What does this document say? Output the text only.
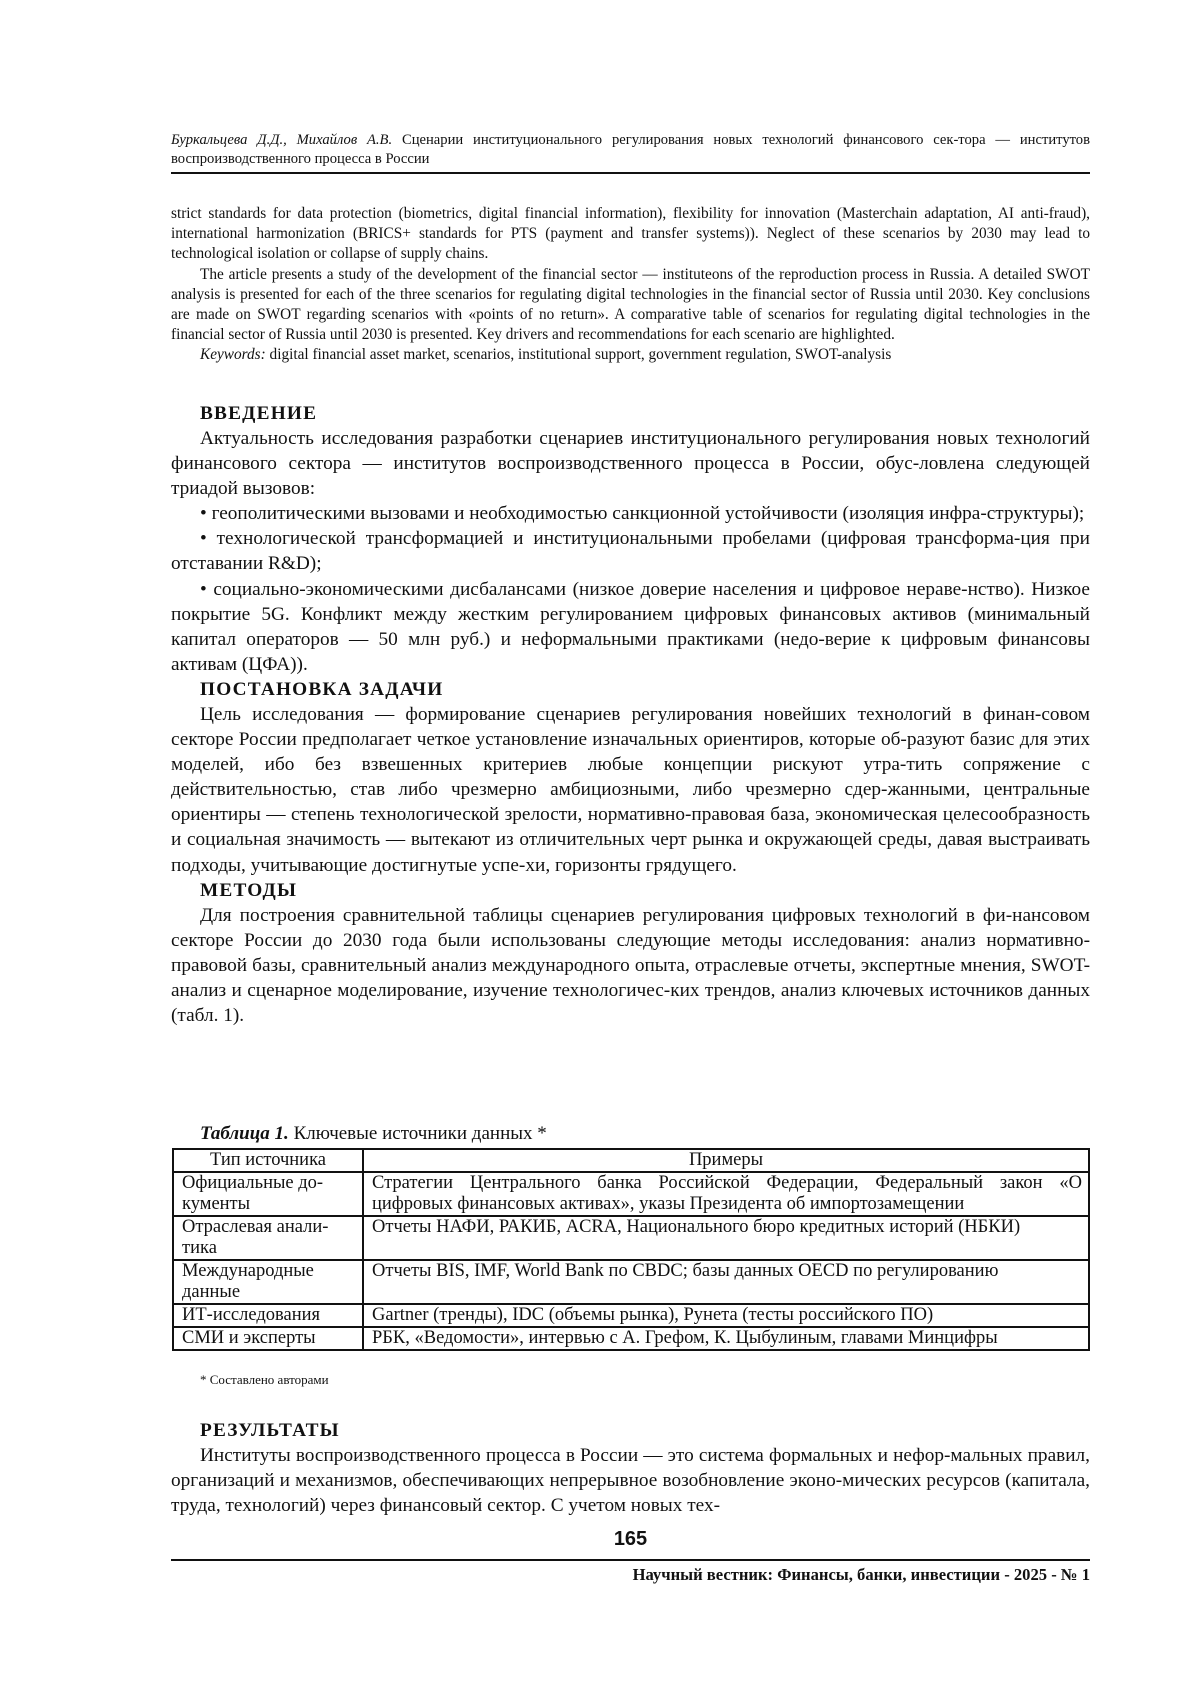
Буркальцева Д.Д., Михайлов А.В. Сценарии институционального регулирования новых технологий финансового сек-тора — институтов воспроизводственного процесса в России

strict standards for data protection (biometrics, digital financial information), flexibility for innovation (Masterchain adaptation, AI anti-fraud), international harmonization (BRICS+ standards for PTS (payment and transfer systems)). Neglect of these scenarios by 2030 may lead to technological isolation or collapse of supply chains.

The article presents a study of the development of the financial sector — instituteons of the reproduction process in Russia. A detailed SWOT analysis is presented for each of the three scenarios for regulating digital technologies in the financial sector of Russia until 2030. Key conclusions are made on SWOT regarding scenarios with «points of no return». A comparative table of scenarios for regulating digital technologies in the financial sector of Russia until 2030 is presented. Key drivers and recommendations for each scenario are highlighted.

Keywords: digital financial asset market, scenarios, institutional support, government regulation, SWOT-analysis

ВВЕДЕНИЕ

Актуальность исследования разработки сценариев институционального регулирования новых технологий финансового сектора — институтов воспроизводственного процесса в России, обус-ловлена следующей триадой вызовов:

• геополитическими вызовами и необходимостью санкционной устойчивости (изоляция инфра-структуры);

• технологической трансформацией и институциональными пробелами (цифровая трансформа-ция при отставании R&D);

• социально-экономическими дисбалансами (низкое доверие населения и цифровое нераве-нство). Низкое покрытие 5G. Конфликт между жестким регулированием цифровых финансовых активов (минимальный капитал операторов — 50 млн руб.) и неформальными практиками (недо-верие к цифровым финансовы активам (ЦФА)).

ПОСТАНОВКА ЗАДАЧИ

Цель исследования — формирование сценариев регулирования новейших технологий в финан-совом секторе России предполагает четкое установление изначальных ориентиров, которые об-разуют базис для этих моделей, ибо без взвешенных критериев любые концепции рискуют утра-тить сопряжение с действительностью, став либо чрезмерно амбициозными, либо чрезмерно сдер-жанными, центральные ориентиры — степень технологической зрелости, нормативно-правовая база, экономическая целесообразность и социальная значимость — вытекают из отличительных черт рынка и окружающей среды, давая выстраивать подходы, учитывающие достигнутые успе-хи, горизонты грядущего.

МЕТОДЫ

Для построения сравнительной таблицы сценариев регулирования цифровых технологий в фи-нансовом секторе России до 2030 года были использованы следующие методы исследования: анализ нормативно-правовой базы, сравнительный анализ международного опыта, отраслевые отчеты, экспертные мнения, SWOT-анализ и сценарное моделирование, изучение технологичес-ких трендов, анализ ключевых источников данных (табл. 1).

Таблица 1. Ключевые источники данных *
Тип источника	Примеры
Официальные до-кументы	Стратегии Центрального банка Российской Федерации, Федеральный закон «О цифровых финансовых активах», указы Президента об импортозамещении
Отраслевая анали-тика	Отчеты НАФИ, РАКИБ, ACRA, Национального бюро кредитных историй (НБКИ)
Международные данные	Отчеты BIS, IMF, World Bank по CBDC; базы данных OECD по регулированию
ИТ-исследования	Gartner (тренды), IDC (объемы рынка), Рунета (тесты российского ПО)
СМИ и эксперты	РБК, «Ведомости», интервью с А. Грефом, К. Цыбулиным, главами Минцифры
* Составлено авторами

РЕЗУЛЬТАТЫ

Институты воспроизводственного процесса в России — это система формальных и нефор-мальных правил, организаций и механизмов, обеспечивающих непрерывное возобновление эконо-мических ресурсов (капитала, труда, технологий) через финансовый сектор. С учетом новых тех-

165
Научный вестник: Финансы, банки, инвестиции - 2025 - № 1
